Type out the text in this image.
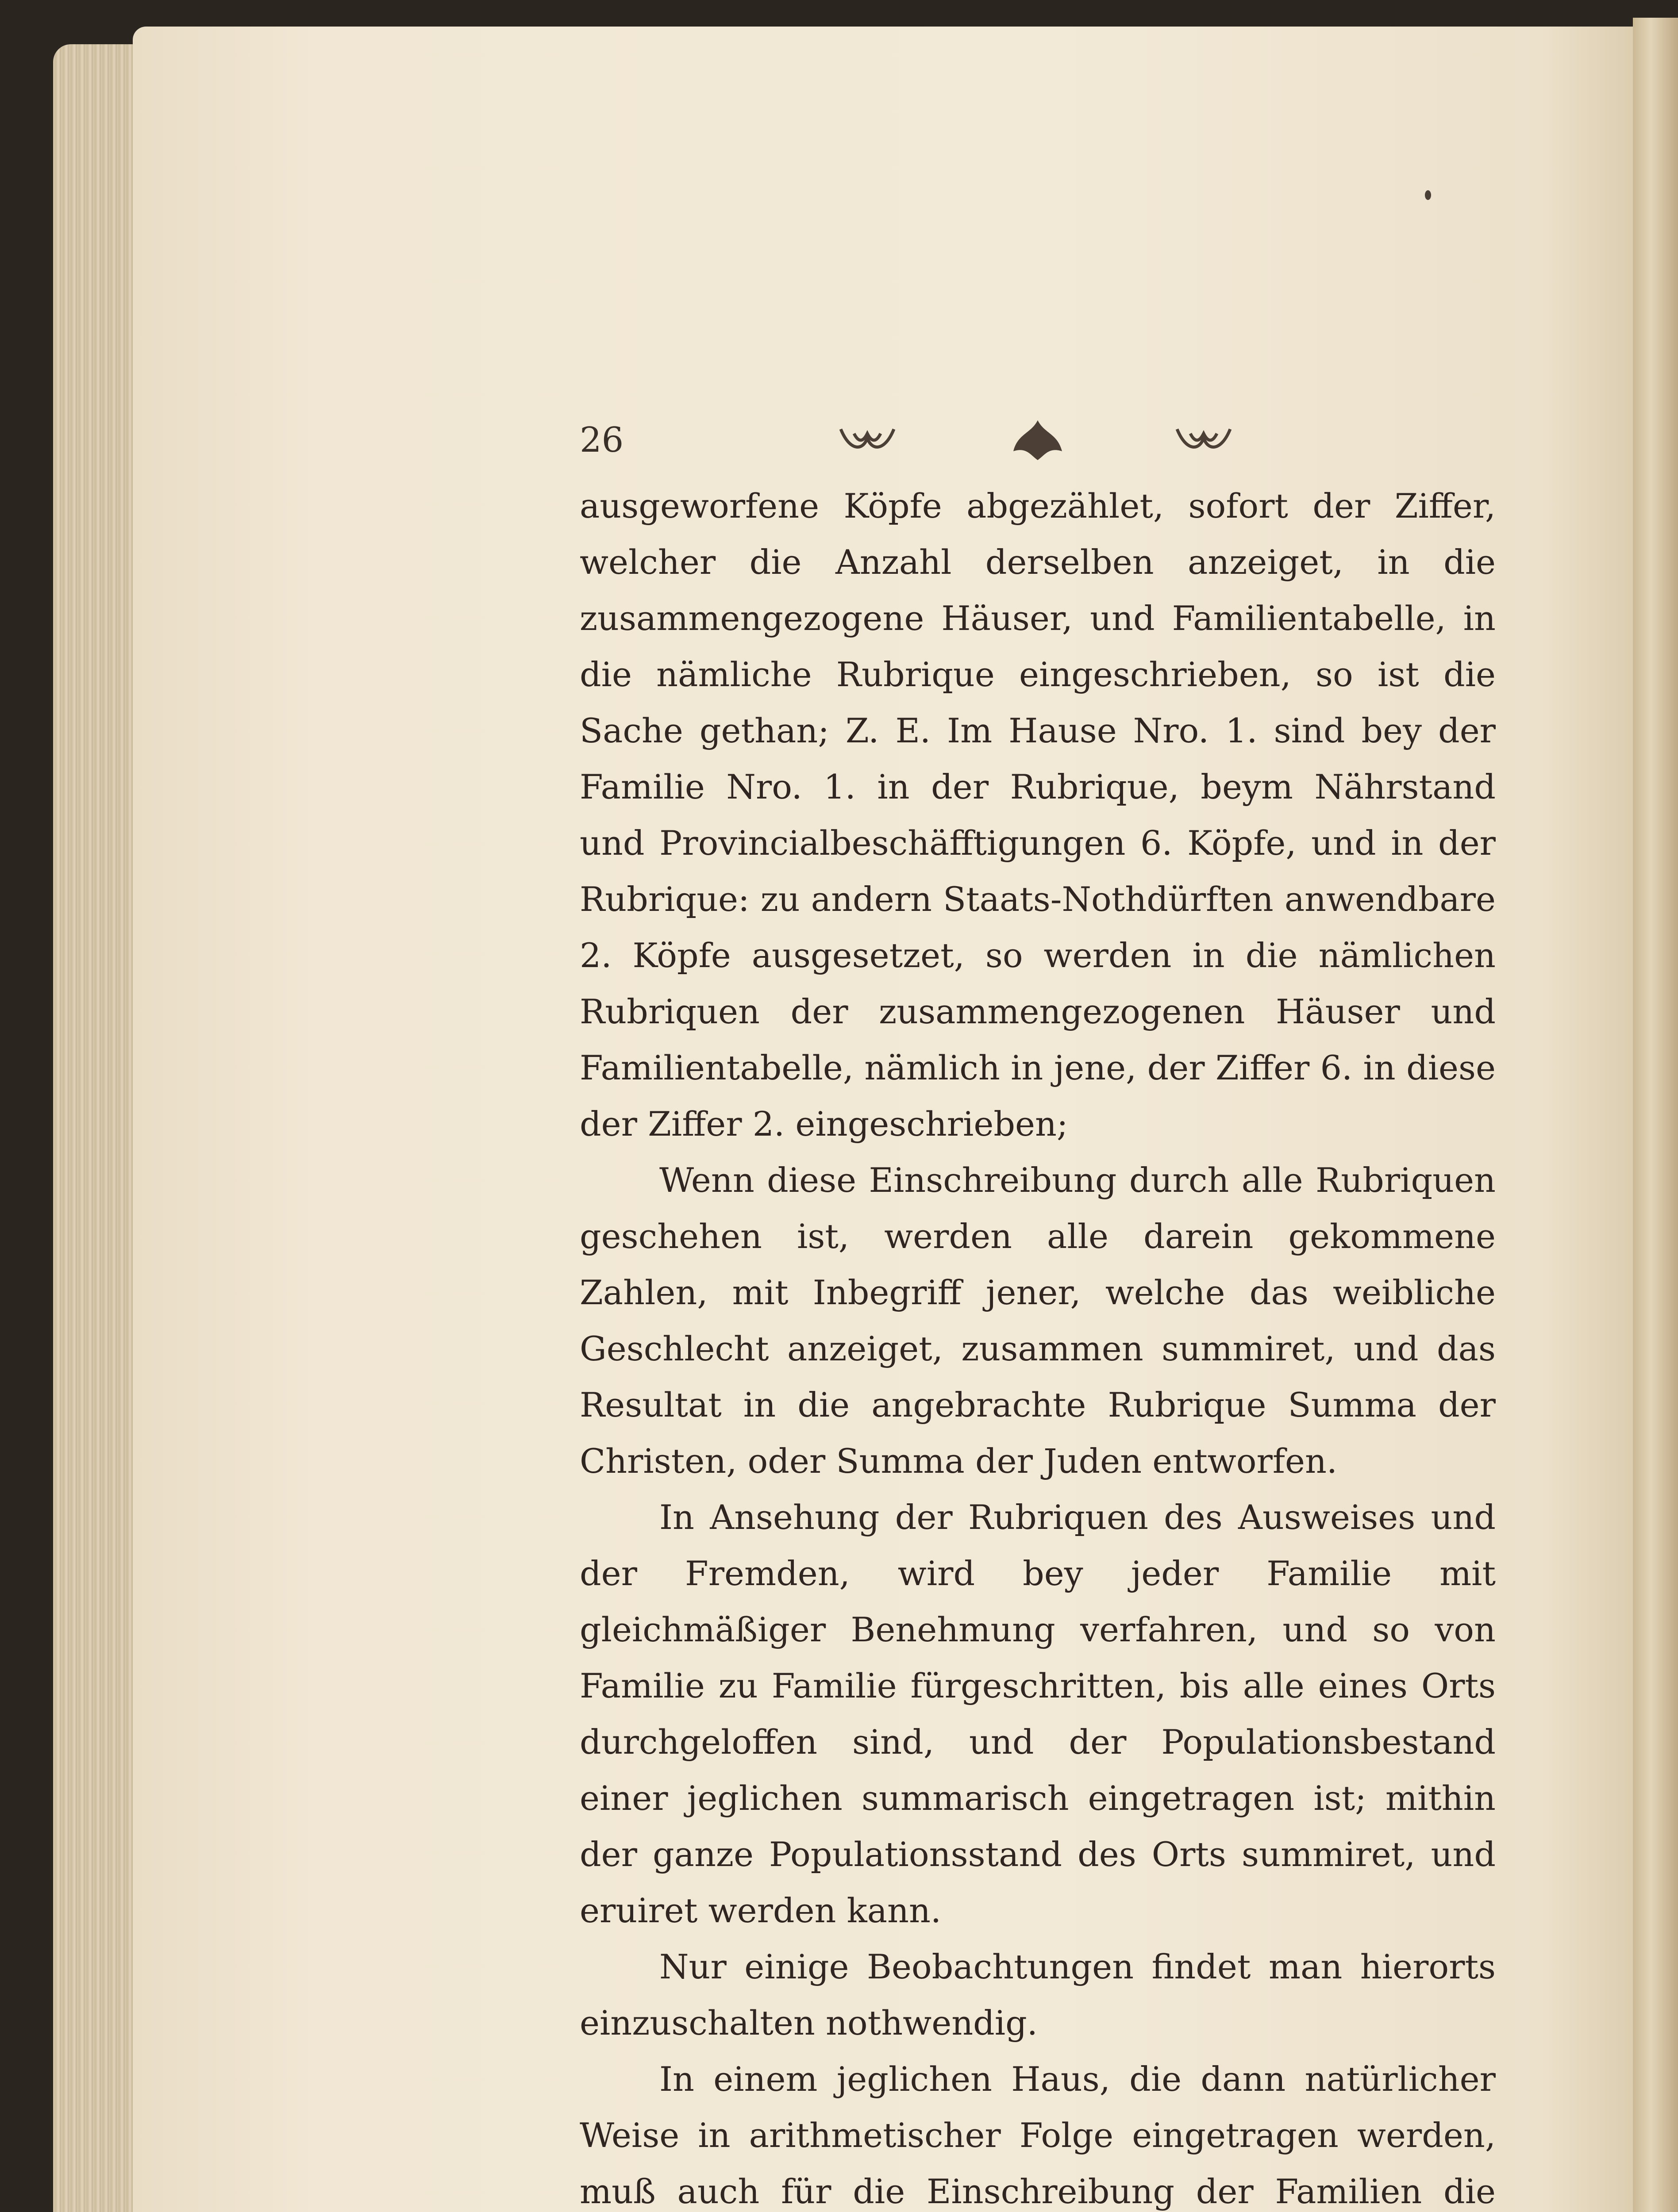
26

ausgeworfene Köpfe abgezählet, sofort der Ziffer, welcher die Anzahl derselben anzeiget, in die zusammengezogene Häuser, und Familientabelle, in die nämliche Rubrique eingeschrieben, so ist die Sache gethan; Z. E. Im Hause Nro. 1. sind bey der Familie Nro. 1. in der Rubrique, beym Nährstand und Provincialbeschäfftigungen 6. Köpfe, und in der Rubrique: zu andern Staats-Nothdürften anwendbare 2. Köpfe ausgesetzet, so werden in die nämlichen Rubriquen der zusammengezogenen Häuser und Familientabelle, nämlich in jene, der Ziffer 6. in diese der Ziffer 2. eingeschrieben;

Wenn diese Einschreibung durch alle Rubriquen geschehen ist, werden alle darein gekommene Zahlen, mit Inbegriff jener, welche das weibliche Geschlecht anzeiget, zusammen summiret, und das Resultat in die angebrachte Rubrique Summa der Christen, oder Summa der Juden entworfen.

In Ansehung der Rubriquen des Ausweises und der Fremden, wird bey jeder Familie mit gleichmäßiger Benehmung verfahren, und so von Familie zu Familie fürgeschritten, bis alle eines Orts durchgeloffen sind, und der Populationsbestand einer jeglichen summarisch eingetragen ist; mithin der ganze Populationsstand des Orts summiret, und eruiret werden kann.

Nur einige Beobachtungen findet man hierorts einzuschalten nothwendig.

In einem jeglichen Haus, die dann natürlicher Weise in arithmetischer Folge eingetragen werden, muß auch für die Einschreibung der Familien die
